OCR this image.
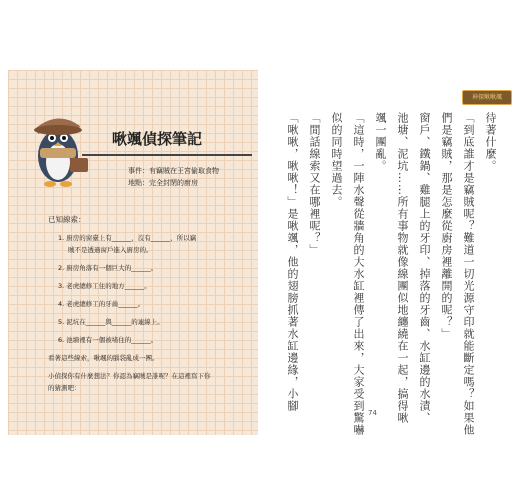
啾颯偵探筆記
事件：有竊賊在王宮偷取食物
地點：完全封閉的廚房
已知線索：
1. 廚房的窗臺上有______，沒有______，所以竊
賊不是透過窗戶進入廚房的。
2. 廚房角落有一個巨大的______。
3. 老虎總修工住的地方______。
4. 老虎總修工的牙齒______。
5. 泥坑在______與______的連線上。
6. 池塘裡有一個被堵住的______。
看著這些線索，啾颯的腦袋亂成一團。
小偵探你有什麼想法？你認為竊賊是誰呢？在這裡寫下你
的猜測吧：
神探啾啾颯
待著什麼。
「到底誰才是竊賊呢？難道一切光源守印就能斷定嗎？如果他
們是竊賊，那是怎麼從廚房裡離開的呢？」
窗戶、鐵鍋、雞腿上的牙印、掉落的牙齒、水缸邊的水漬、
池塘、泥坑……所有事物就像線團似地纏繞在一起，搞得啾
颯一團亂。
「這時，一陣水聲從牆角的大水缸裡傳了出來，大家受到驚嚇
似的同時望過去。
「閒話線索又在哪裡呢？」
「啾啾，啾啾！」是啾颯，他的翅膀抓著水缸邊緣，小腳
74
